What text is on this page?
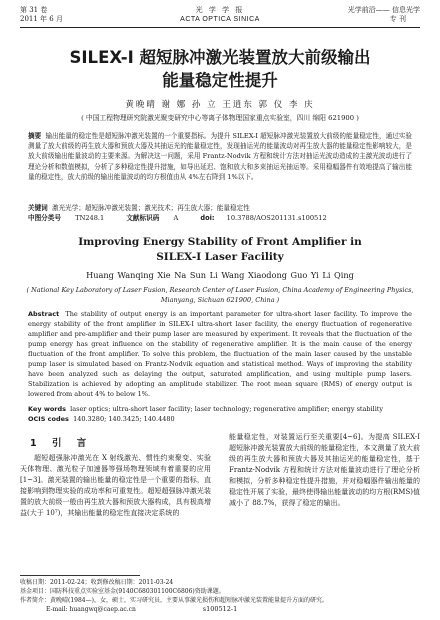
第 31 卷
2011 年 6 月
光 学 学 报
ACTA OPTICA SINICA
光学前沿—— 信息光学
专 刊
SILEX-I 超短脉冲激光装置放大前级输出
能量稳定性提升
黄晚晴 谢 娜 孙 立 王逍东 郭 仪 李 庆
( 中国工程物理研究院激光聚变研究中心等离子体物理国家重点实验室，四川 绵阳 621900 )
摘要 输出能量的稳定性是超短脉冲激光装置的一个重要指标。为提升 SILEX-I 超短脉冲激光装置放大前级的能量稳定性，通过实验测量了放大前级的再生放大器和预放大器及其抽运光的能量稳定性，发现抽运光的能量波动对再生放大器的能量稳定性影响较大，是放大前级输出能量波动的主要来源。为解决这一问题，采用 Frantz-Nodvik 方程和统计方法对抽运光波动造成的主激光波动进行了理论分析和数值模拟，分析了多种稳定性提升措施，如导出延迟、饱和放大和多束抽运光抽运等。采用稳幅器件有效地提高了输出能量的稳定性，放大前级的输出能量波动的均方根值由从 4%左右降到 1%以下。
关键词 激光光学；超短脉冲激光装置；激光技术；再生放大器；能量稳定性
中图分类号 TN248.1	文献标识码 A	doi: 10.3788/AOS201131.s100512
Improving Energy Stability of Front Amplifier in
SILEX-I Laser Facility
Huang Wanqing Xie Na Sun Li Wang Xiaodong Guo Yi Li Qing
( National Key Laboratory of Laser Fusion, Research Center of Laser Fusion, China Academy of Engineering Physics,
Mianyang, Sichuan 621900, China )
Abstract The stability of output energy is an important parameter for ultra-short laser facility. To improve the energy stability of the front amplifier in SILEX-I ultra-short laser facility, the energy fluctuation of regenerative amplifier and pre-amplifier and their pump laser are measured by experiment. It reveals that the fluctuation of the pump energy has great influence on the stability of regenerative amplifier. It is the main cause of the energy fluctuation of the front amplifier. To solve this problem, the fluctuation of the main laser caused by the unstable pump laser is simulated based on Frantz-Nodvik equation and statistical method. Ways of improving the stability have been analyzed such as delaying the output, saturated amplification, and using multiple pump lasers. Stabilization is achieved by adopting an amplitude stabilizer. The root mean square (RMS) of energy output is lowered from about 4% to below 1%.
Key words laser optics; ultra-short laser facility; laser technology; regenerative amplifier; energy stability
OCIS codes 140.3280; 140.3425; 140.4480
1 引 言
超短超强脉冲激光在 X 射线激光、惯性约束聚变、实验天体物理、激光粒子加速器等强场物理领域有着重要的应用[1~3]。激光装置的输出能量的稳定性是一个重要的指标，直接影响到物理实验的成功率和可重复性。超短超强脉冲激光装置的放大前级一般由再生放大器和预放大器构成，具有极高增益(大于 10⁷)，其输出能量的稳定性直接决定系统的
能量稳定性，对装置运行至关重要[4~6]。为提高 SILEX-I 超短脉冲激光装置放大前级的能量稳定性，本文测量了放大前级的再生放大器和预放大器及其抽运光的能量稳定性，基于 Frantz-Nodvik 方程和统计方法对能量波动进行了理论分析和模拟，分析多种稳定性提升措施，并对稳幅器件输出能量的稳定性开展了实验，最终使得输出能量波动的均方根(RMS)值减小了 88.7%，获得了稳定的输出。
收稿日期：2011-02-24；收到修改稿日期：2011-03-24
基金项目：国防科技重点实验室基金(9140C680301100C6806)资助课题。
作者简介：黄晚晴(1984—)，女，硕士，实习研究员，主要从事激光损伤和超短脉冲激光装置能量提升方面的研究。
E-mail: huangwq@caep.ac.cn	s100512-1
